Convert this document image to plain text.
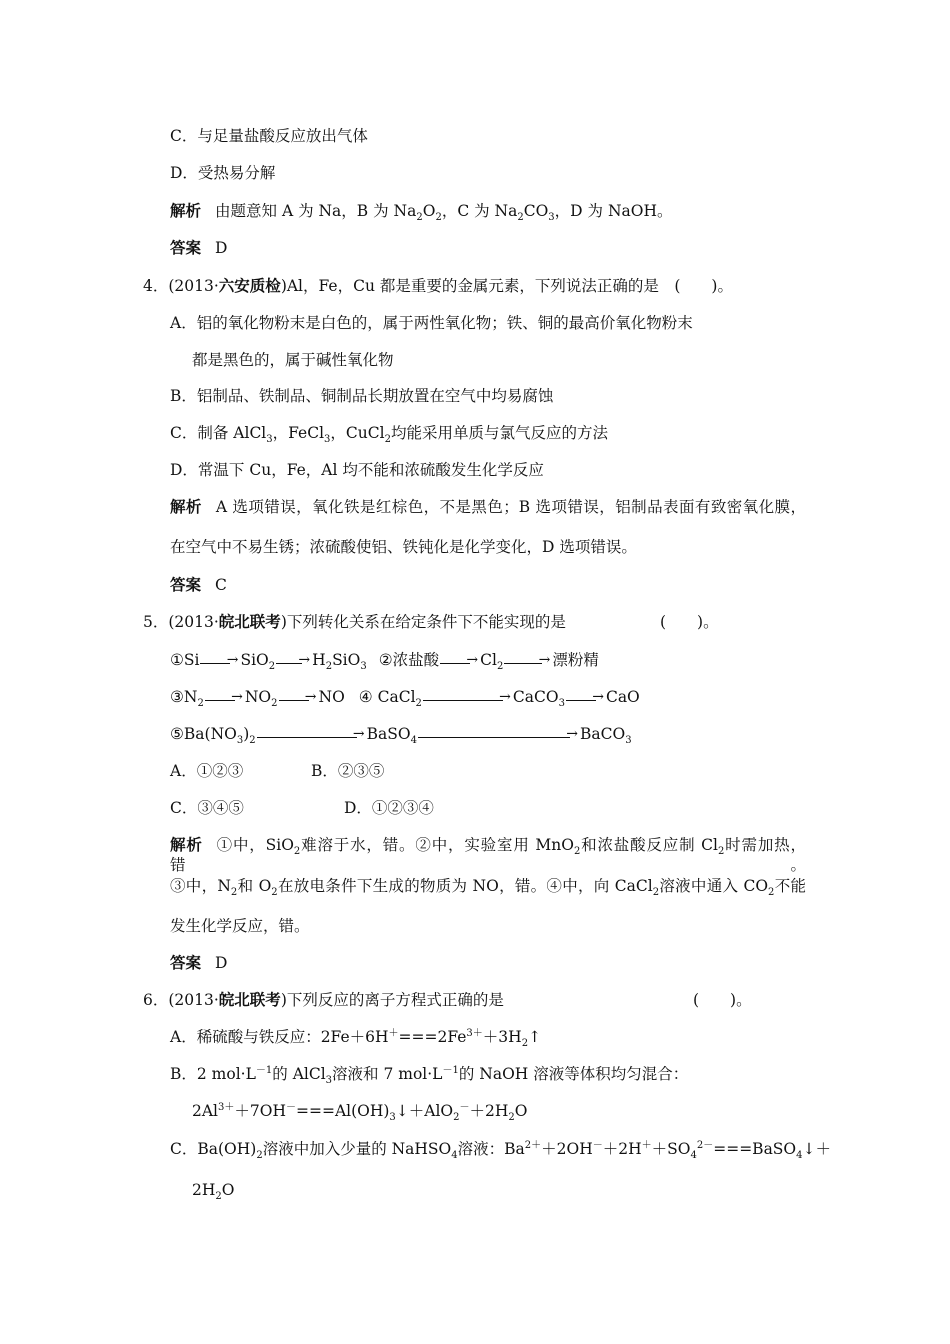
C．与足量盐酸反应放出气体
D．受热易分解
解析 由题意知 A 为 Na，B 为 $Na_2O_2$，C 为 $Na_2CO_3$，D 为 NaOH。
答案 D
4．(2013·六安质检)Al，Fe，Cu 都是重要的金属元素，下列说法正确的是　(　　)。
A．铝的氧化物粉末是白色的，属于两性氧化物；铁、铜的最高价氧化物粉末
都是黑色的，属于碱性氧化物
B．铝制品、铁制品、铜制品长期放置在空气中均易腐蚀
C．制备 AlCl$_3$，FeCl$_3$，CuCl$_2$均能采用单质与氯气反应的方法
D．常温下 Cu，Fe，Al 均不能和浓硫酸发生化学反应
解析 A 选项错误，氧化铁是红棕色，不是黑色；B 选项错误，铝制品表面有致密氧化膜，
在空气中不易生锈；浓硫酸使铝、铁钝化是化学变化，D 选项错误。
答案 C
5．(2013·皖北联考)下列转化关系在给定条件下不能实现的是	(　　)。
①Si→	$SiO_2\to H_2SiO_3$ ②浓盐酸→	$Cl_2\to$	漂粉精
$③N_2\to$	$NO_2\to$	NO ④ CaCl$_2$→	CaCO$_3$→	CaO
$⑤Ba(NO_3)_2\to$	BaSO$_4$→	BaCO$_3$
A．①②③	B．②③⑤
C．③④⑤	D．①②③④
解析 ①中，SiO$_2$难溶于水，错。②中，实验室用 MnO$_2$和浓盐酸反应制 $Cl_2$时需加热，错。
③中，$N_2$和 $O_2$在放电条件下生成的物质为 NO，错。④中，向 CaCl$_2$溶液中通入 $CO_2$不能
发生化学反应，错。
答案 D
6．(2013·皖北联考)下列反应的离子方程式正确的是	(　　)。
A．稀硫酸与铁反应：$2Fe+6H^+===2Fe^{3+}+3H_2↑$
B．2 $mol\cdot L^{-1}$的 AlCl$_3$溶液和 7 $mol\cdot L^{-1}$的 NaOH 溶液等体积均匀混合：
$2Al^{3+}+7OH^-===Al(OH)_3↓+AlO_2^-+2H_2O$
C．$Ba(OH)_2$溶液中加入少量的 NaHSO$_4$溶液：$Ba^{2+}+2OH^-+2H^++SO_4^{2-}===BaSO_4↓+$
$2H_2O$
